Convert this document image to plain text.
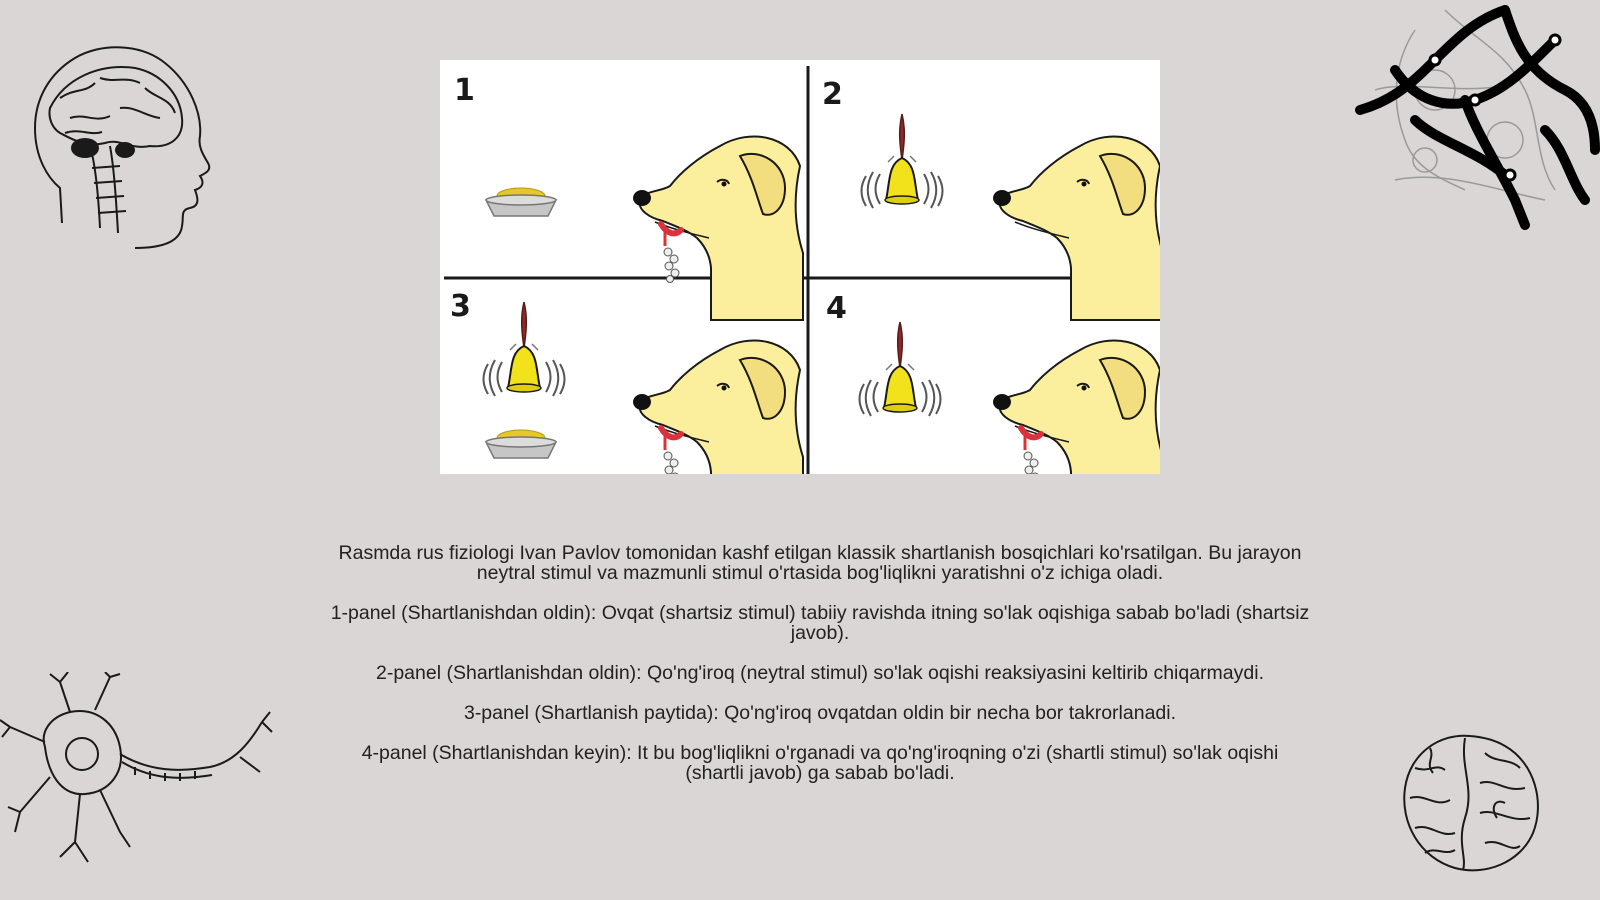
1	2
3	4

Rasmda rus fiziologi Ivan Pavlov tomonidan kashf etilgan klassik shartlanish bosqichlari ko'rsatilgan. Bu jarayon neytral stimul va mazmunli stimul o'rtasida bog'liqlikni yaratishni o'z ichiga oladi.

1-panel (Shartlanishdan oldin): Ovqat (shartsiz stimul) tabiiy ravishda itning so'lak oqishiga sabab bo'ladi (shartsiz javob).

2-panel (Shartlanishdan oldin): Qo'ng'iroq (neytral stimul) so'lak oqishi reaksiyasini keltirib chiqarmaydi.

3-panel (Shartlanish paytida): Qo'ng'iroq ovqatdan oldin bir necha bor takrorlanadi.

4-panel (Shartlanishdan keyin): It bu bog'liqlikni o'rganadi va qo'ng'iroqning o'zi (shartli stimul) so'lak oqishi (shartli javob) ga sabab bo'ladi.
